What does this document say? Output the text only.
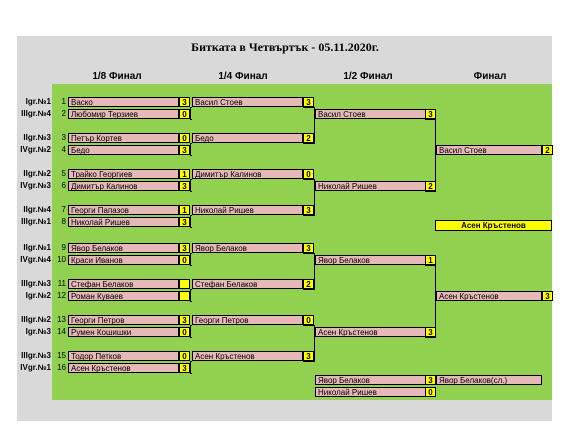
Битката в Четвъртък - 05.11.2020г.
1/8 Финал	1/4 Финал	1/2 Финал	Финал
Igr.№1	1 Васко	3
IIIgr.№4	2 Любомир Терзиев	0
IIgr.№3	3 Петър Кортев	0
IVgr.№2	4 Бедо	3
IIgr.№2	5 Трайко Георгиев	1
IVgr.№3	6 Димитър Калинов	3
IIgr.№4	7 Георги Папазов	1
IIIgr.№1	8 Николай Ришев	3
IIgr.№1	9 Явор Белаков	3
IVgr.№4 10 Краси Иванов	0
IIIgr.№3 11 Стефан Белаков
Igr.№2 12 Роман Куваев
IIIgr.№2 13 Георги Петров	3
Igr.№3 14 Румен Кошишки	0
IIIgr.№3 15 Тодор Петков	0
IVgr.№1 16 Асен Кръстенов	3
Васил Стоев	3
Бедо	2
Димитър Калинов	0
Николай Ришев	3
Явор Белаков	3
Стефан Белаков	2
Георги Петров	0
Асен Кръстенов	3
Васил Стоев	3
Николай Ришев	2
Явор Белаков	1
Асен Кръстенов	3
Васил Стоев	2
Асен Кръстенов	3
Асен Кръстенов
Явор Белаков	3
Николай Ришев	0
Явор Белаков(сл.)
